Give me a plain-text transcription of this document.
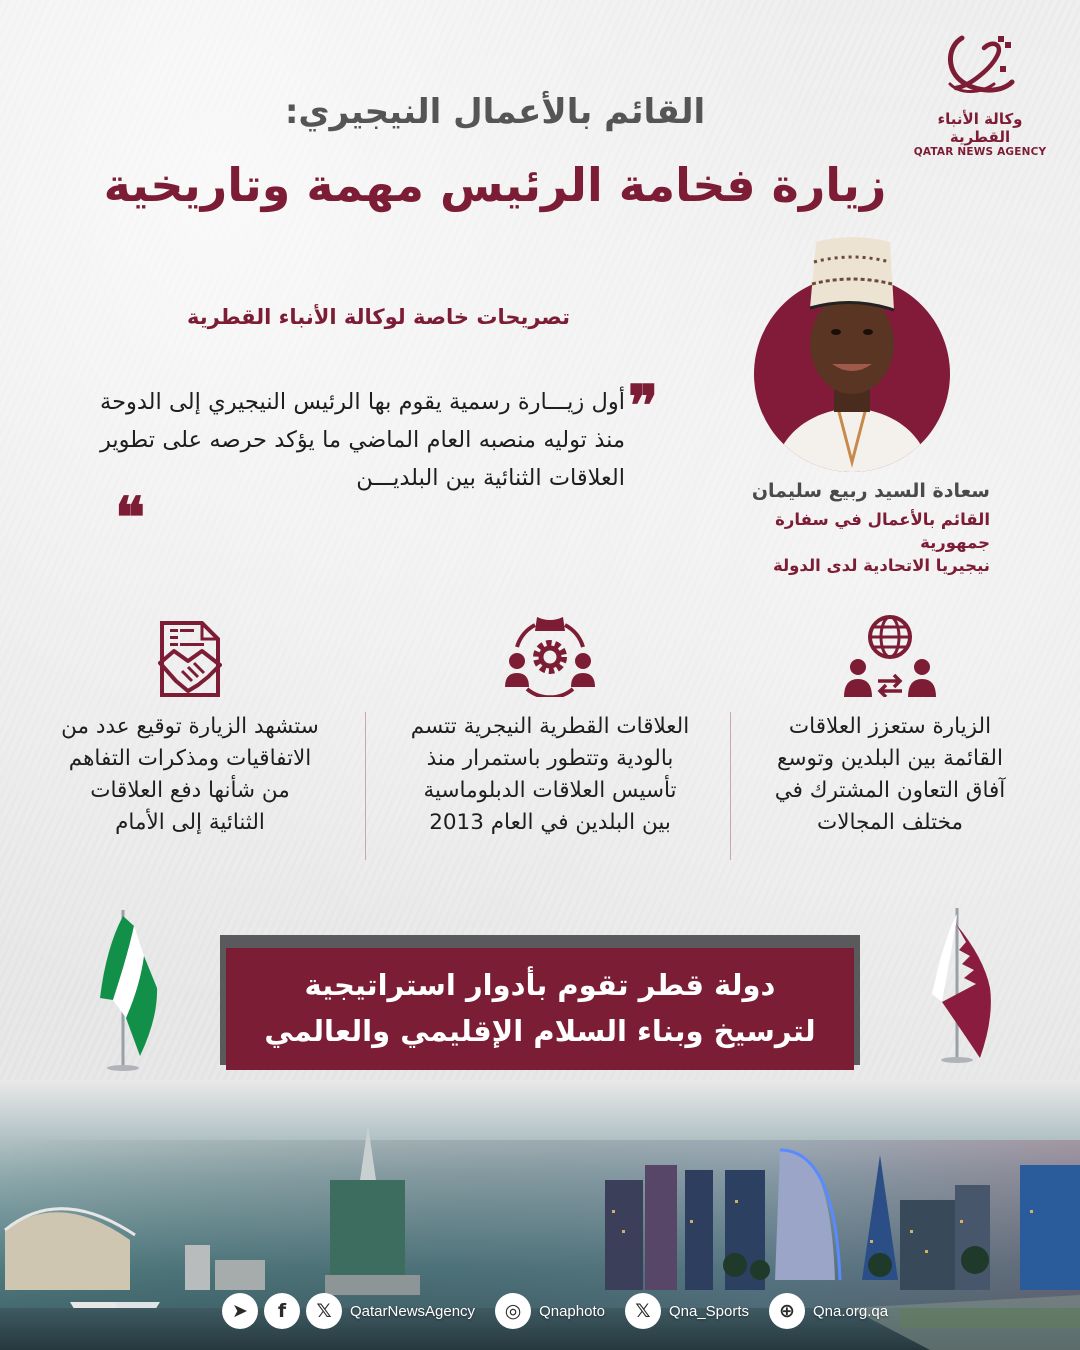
وكالة الأنباء القطرية
QATAR NEWS AGENCY
القائم بالأعمال النيجيري:
زيارة فخامة الرئيس مهمة وتاريخية
تصريحات خاصة لوكالة الأنباء القطرية
❞
أول زيـــارة رسمية يقوم بها الرئيس النيجيري إلى الدوحة منذ توليه منصبه العام الماضي ما يؤكد حرصه على تطوير العلاقات الثنائية بين البلديـــن
❝	سعادة السيد ربيع سليمان
القائم بالأعمال في سفارة جمهورية
نيجيريا الاتحادية لدى الدولة
الزيارة ستعزز العلاقات
القائمة بين البلدين وتوسع
آفاق التعاون المشترك في
مختلف المجالات
العلاقات القطرية النيجرية تتسم
بالودية وتتطور باستمرار منذ
تأسيس العلاقات الدبلوماسية
بين البلدين في العام 2013
ستشهد الزيارة توقيع عدد من
الاتفاقيات ومذكرات التفاهم
من شأنها دفع العلاقات
الثنائية إلى الأمام
دولة قطر تقوم بأدوار استراتيجية
لترسيخ وبناء السلام الإقليمي والعالمي
➤	f	𝕏	QatarNewsAgency	◎	Qnaphoto	𝕏	Qna_Sports	⊕	Qna.org.qa
